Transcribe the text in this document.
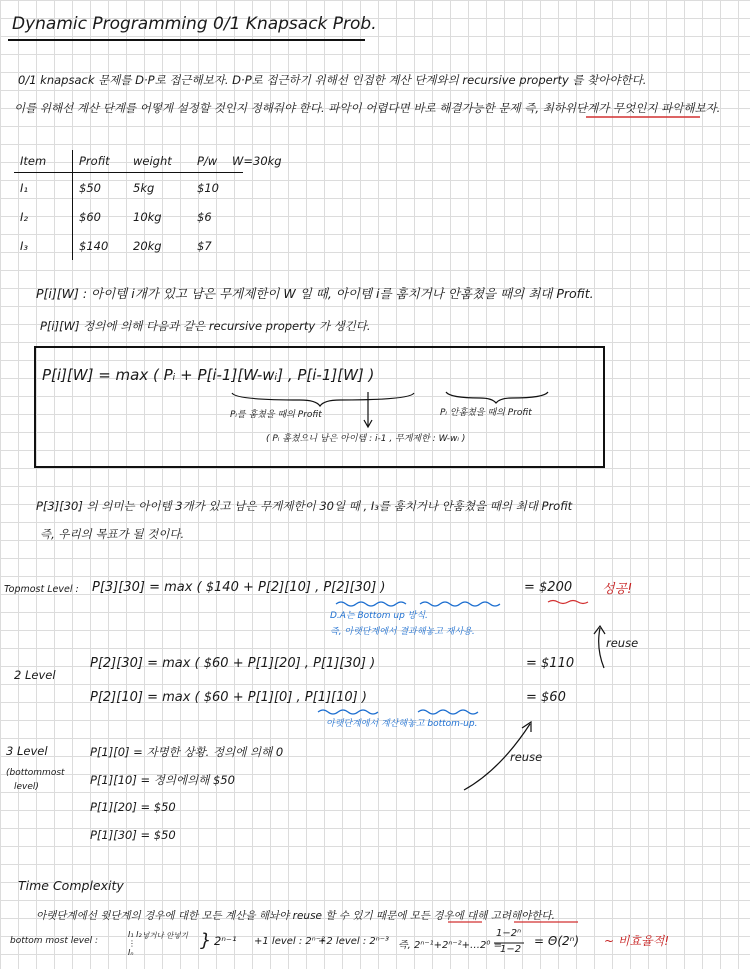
Dynamic Programming 0/1 Knapsack Prob.
0/1 knapsack 문제를 D·P로 접근해보자. D·P로 접근하기 위해선 인접한 계산 단계와의 recursive property 를 찾아야한다.
이를 위해선 계산 단계를 어떻게 설정할 것인지 정해줘야 한다. 파악이 어렵다면 바로 해결가능한 문제 즉, 최하위단계가 무엇인지 파악해보자.
Item	Profit	weight	P/w
I₁	$50	5kg	$10
I₂	$60	10kg	$6
I₃	$140	20kg	$7
W=30kg
P[i][W] : 아이템 i개가 있고 남은 무게제한이 W 일 때, 아이템 i를 훔치거나 안훔쳤을 때의 최대 Profit.
P[i][W] 정의에 의해 다음과 같은 recursive property 가 생긴다.
P[i][W] = max ( Pᵢ + P[i-1][W-wᵢ] , P[i-1][W] )
Pᵢ를 훔쳤을 때의 Profit	Pᵢ 안훔쳤을 때의 Profit
( Pᵢ 훔쳤으니 남은 아이템 : i-1 , 무게제한 : W-wᵢ )
P[3][30] 의 의미는 아이템 3개가 있고 남은 무게제한이 30일 때 , I₃를 훔치거나 안훔쳤을 때의 최대 Profit
즉, 우리의 목표가 될 것이다.
Topmost Level : P[3][30] = max ( $140 + P[2][10] , P[2][30] )	= $200 성공!
D.A는 Bottom up 방식.
즉, 아랫단계에서 결과해놓고 재사용.
reuse
2 Level
P[2][30] = max ( $60 + P[1][20] , P[1][30] )	= $110
P[2][10] = max ( $60 + P[1][0] , P[1][10] )	= $60
아랫단계에서 계산해놓고 bottom-up.
reuse
3 Level
(bottommost
level)
P[1][0] = 자명한 상황. 정의에 의해 0
P[1][10] = 정의에의해 $50
P[1][20] = $50
P[1][30] = $50
Time Complexity
아랫단계에선 윗단계의 경우에 대한 모든 계산을 해놔야 reuse 할 수 있기 때문에 모든 경우에 대해 고려해야한다.
bottom most level :
I₁ I₂ ⋮ Iₙ
넣거나 안넣기 } 2ⁿ⁻¹ +1 level : 2ⁿ⁻²
+2 level : 2ⁿ⁻³ 즉, 2ⁿ⁻¹+2ⁿ⁻²+…2⁰ =
1−2ⁿ
1−2
= Θ(2ⁿ) ~ 비효율적!
